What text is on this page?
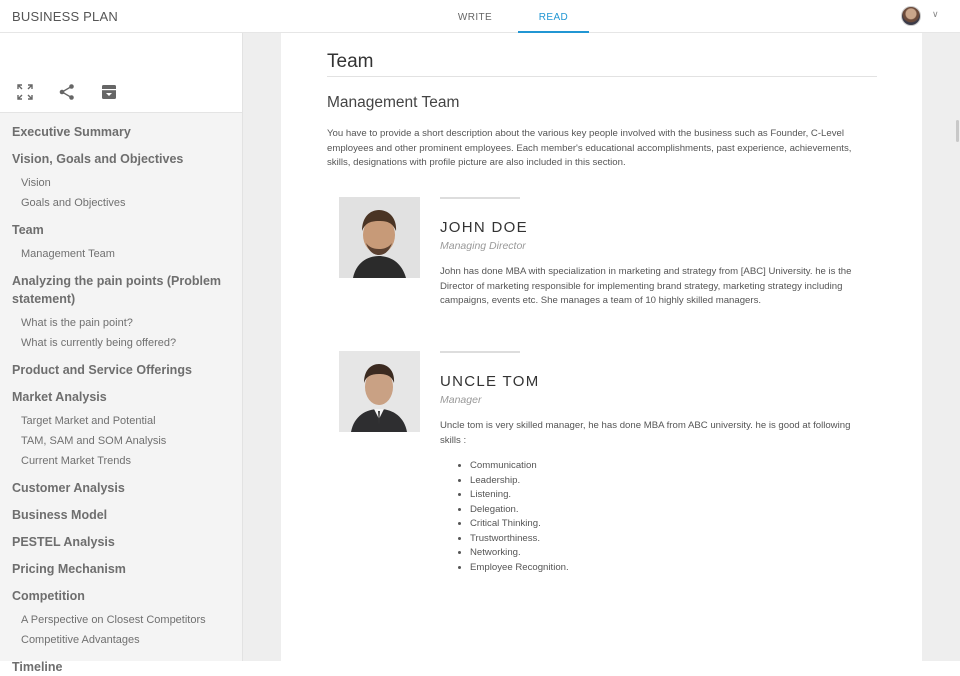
BUSINESS PLAN	WRITE	READ	∨
Executive Summary
Vision, Goals and Objectives
Vision
Goals and Objectives
Team
Management Team
Analyzing the pain points (Problem statement)
What is the pain point?
What is currently being offered?
Product and Service Offerings
Market Analysis
Target Market and Potential
TAM, SAM and SOM Analysis
Current Market Trends
Customer Analysis
Business Model
PESTEL Analysis
Pricing Mechanism
Competition
A Perspective on Closest Competitors
Competitive Advantages
Timeline
Team
Management Team
You have to provide a short description about the various key people involved with the business such as Founder, C-Level employees and other prominent employees. Each member's educational accomplishments, past experience, achievements, skills, designations with profile picture are also included in this section.
JOHN DOE
Managing Director
John has done MBA with specialization in marketing and strategy from [ABC] University. he is the Director of marketing responsible for implementing brand strategy, marketing strategy including campaigns, events etc. She manages a team of 10 highly skilled managers.
UNCLE TOM
Manager
Uncle tom is very skilled manager, he has done MBA from ABC university. he is good at following skills :
• Communication
• Leadership.
• Listening.
• Delegation.
• Critical Thinking.
• Trustworthiness.
• Networking.
• Employee Recognition.
